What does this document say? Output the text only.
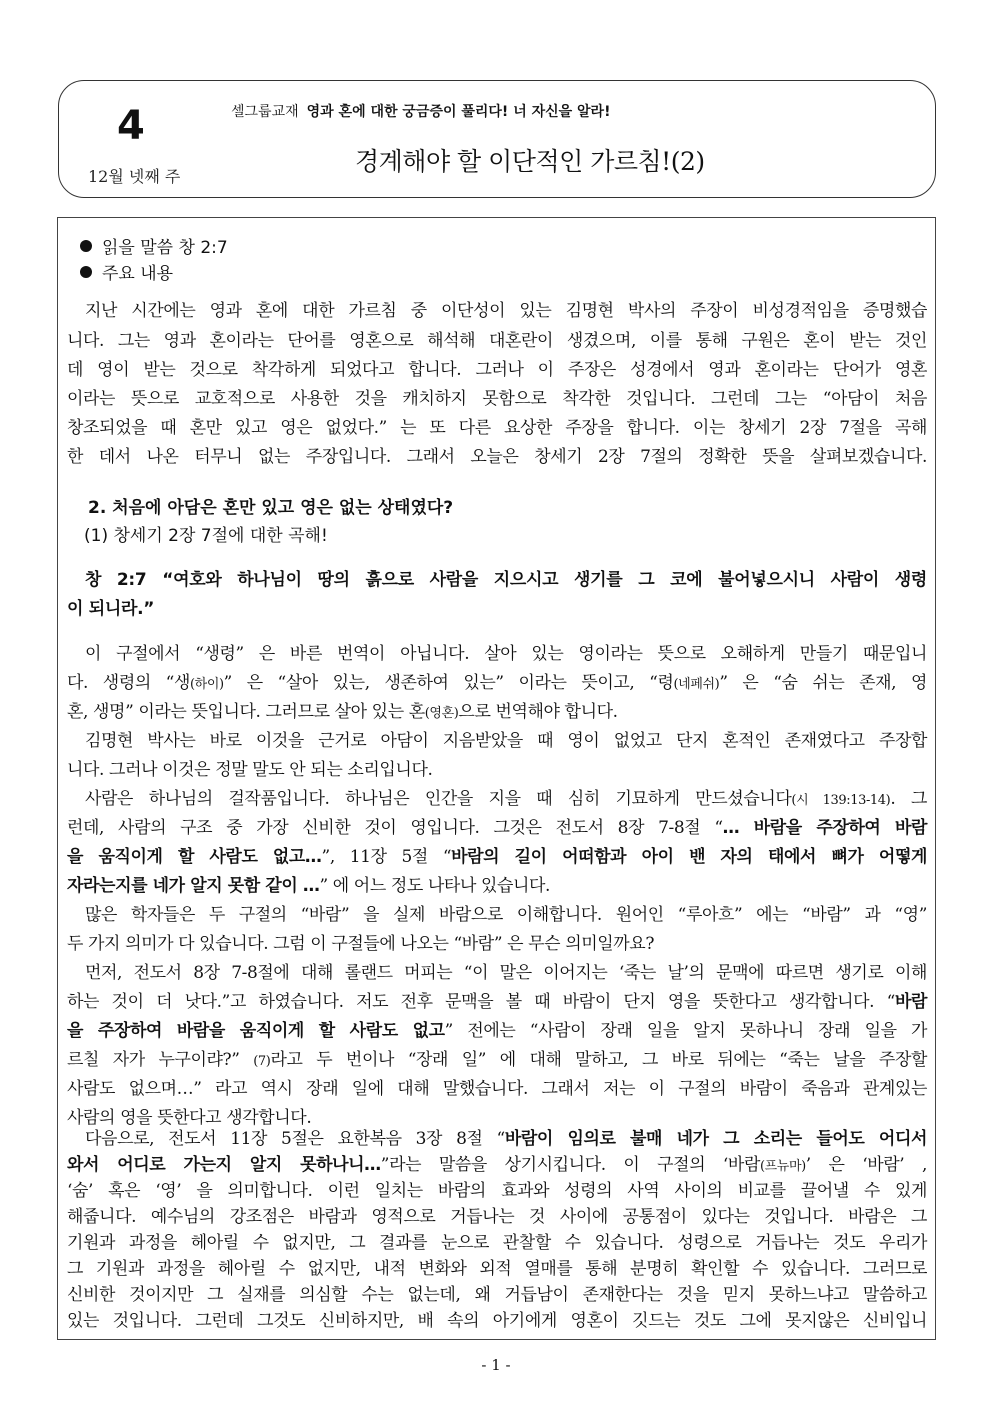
4
12월 넷째 주
셀그룹교재 영과 혼에 대한 궁금증이 풀리다! 너 자신을 알라!
경계해야 할 이단적인 가르침!(2)
읽을 말씀 창 2:7
주요 내용
지난 시간에는 영과 혼에 대한 가르침 중 이단성이 있는 김명현 박사의 주장이 비성경적임을 증명했습
니다. 그는 영과 혼이라는 단어를 영혼으로 해석해 대혼란이 생겼으며, 이를 통해 구원은 혼이 받는 것인
데 영이 받는 것으로 착각하게 되었다고 합니다. 그러나 이 주장은 성경에서 영과 혼이라는 단어가 영혼
이라는 뜻으로 교호적으로 사용한 것을 캐치하지 못함으로 착각한 것입니다. 그런데 그는 “아담이 처음
창조되었을 때 혼만 있고 영은 없었다.” 는 또 다른 요상한 주장을 합니다. 이는 창세기 2장 7절을 곡해
한 데서 나온 터무니 없는 주장입니다. 그래서 오늘은 창세기 2장 7절의 정확한 뜻을 살펴보겠습니다.
2. 처음에 아담은 혼만 있고 영은 없는 상태였다?
(1) 창세기 2장 7절에 대한 곡해!
창 2:7 “여호와 하나님이 땅의 흙으로 사람을 지으시고 생기를 그 코에 불어넣으시니 사람이 생령
이 되니라.”
이 구절에서 “생령” 은 바른 번역이 아닙니다. 살아 있는 영이라는 뜻으로 오해하게 만들기 때문입니
다. 생령의 “생(하이)” 은 “살아 있는, 생존하여 있는” 이라는 뜻이고, “령(네페쉬)” 은 “숨 쉬는 존재, 영
혼, 생명” 이라는 뜻입니다. 그러므로 살아 있는 혼(영혼)으로 번역해야 합니다.
김명현 박사는 바로 이것을 근거로 아담이 지음받았을 때 영이 없었고 단지 혼적인 존재였다고 주장합
니다. 그러나 이것은 정말 말도 안 되는 소리입니다.
사람은 하나님의 걸작품입니다. 하나님은 인간을 지을 때 심히 기묘하게 만드셨습니다(시 139:13-14). 그
런데, 사람의 구조 중 가장 신비한 것이 영입니다. 그것은 전도서 8장 7-8절 “… 바람을 주장하여 바람
을 움직이게 할 사람도 없고…”, 11장 5절 “바람의 길이 어떠함과 아이 밴 자의 태에서 뼈가 어떻게
자라는지를 네가 알지 못함 같이 …” 에 어느 정도 나타나 있습니다.
많은 학자들은 두 구절의 “바람” 을 실제 바람으로 이해합니다. 원어인 “루아흐” 에는 “바람” 과 “영”
두 가지 의미가 다 있습니다. 그럼 이 구절들에 나오는 “바람” 은 무슨 의미일까요?
먼저, 전도서 8장 7-8절에 대해 롤랜드 머피는 “이 말은 이어지는 ‘죽는 날’의 문맥에 따르면 생기로 이해
하는 것이 더 낫다.”고 하였습니다. 저도 전후 문맥을 볼 때 바람이 단지 영을 뜻한다고 생각합니다. “바람
을 주장하여 바람을 움직이게 할 사람도 없고” 전에는 “사람이 장래 일을 알지 못하나니 장래 일을 가
르칠 자가 누구이랴?” (7)라고 두 번이나 “장래 일” 에 대해 말하고, 그 바로 뒤에는 “죽는 날을 주장할
사람도 없으며…” 라고 역시 장래 일에 대해 말했습니다. 그래서 저는 이 구절의 바람이 죽음과 관계있는
사람의 영을 뜻한다고 생각합니다.
다음으로, 전도서 11장 5절은 요한복음 3장 8절 “바람이 임의로 불매 네가 그 소리는 들어도 어디서
와서 어디로 가는지 알지 못하나니…”라는 말씀을 상기시킵니다. 이 구절의 ‘바람(프뉴마)’ 은 ‘바람’ ,
‘숨’ 혹은 ‘영’ 을 의미합니다. 이런 일치는 바람의 효과와 성령의 사역 사이의 비교를 끌어낼 수 있게
해줍니다. 예수님의 강조점은 바람과 영적으로 거듭나는 것 사이에 공통점이 있다는 것입니다. 바람은 그
기원과 과정을 헤아릴 수 없지만, 그 결과를 눈으로 관찰할 수 있습니다. 성령으로 거듭나는 것도 우리가
그 기원과 과정을 헤아릴 수 없지만, 내적 변화와 외적 열매를 통해 분명히 확인할 수 있습니다. 그러므로
신비한 것이지만 그 실재를 의심할 수는 없는데, 왜 거듭남이 존재한다는 것을 믿지 못하느냐고 말씀하고
있는 것입니다. 그런데 그것도 신비하지만, 배 속의 아기에게 영혼이 깃드는 것도 그에 못지않은 신비입니
- 1 -
